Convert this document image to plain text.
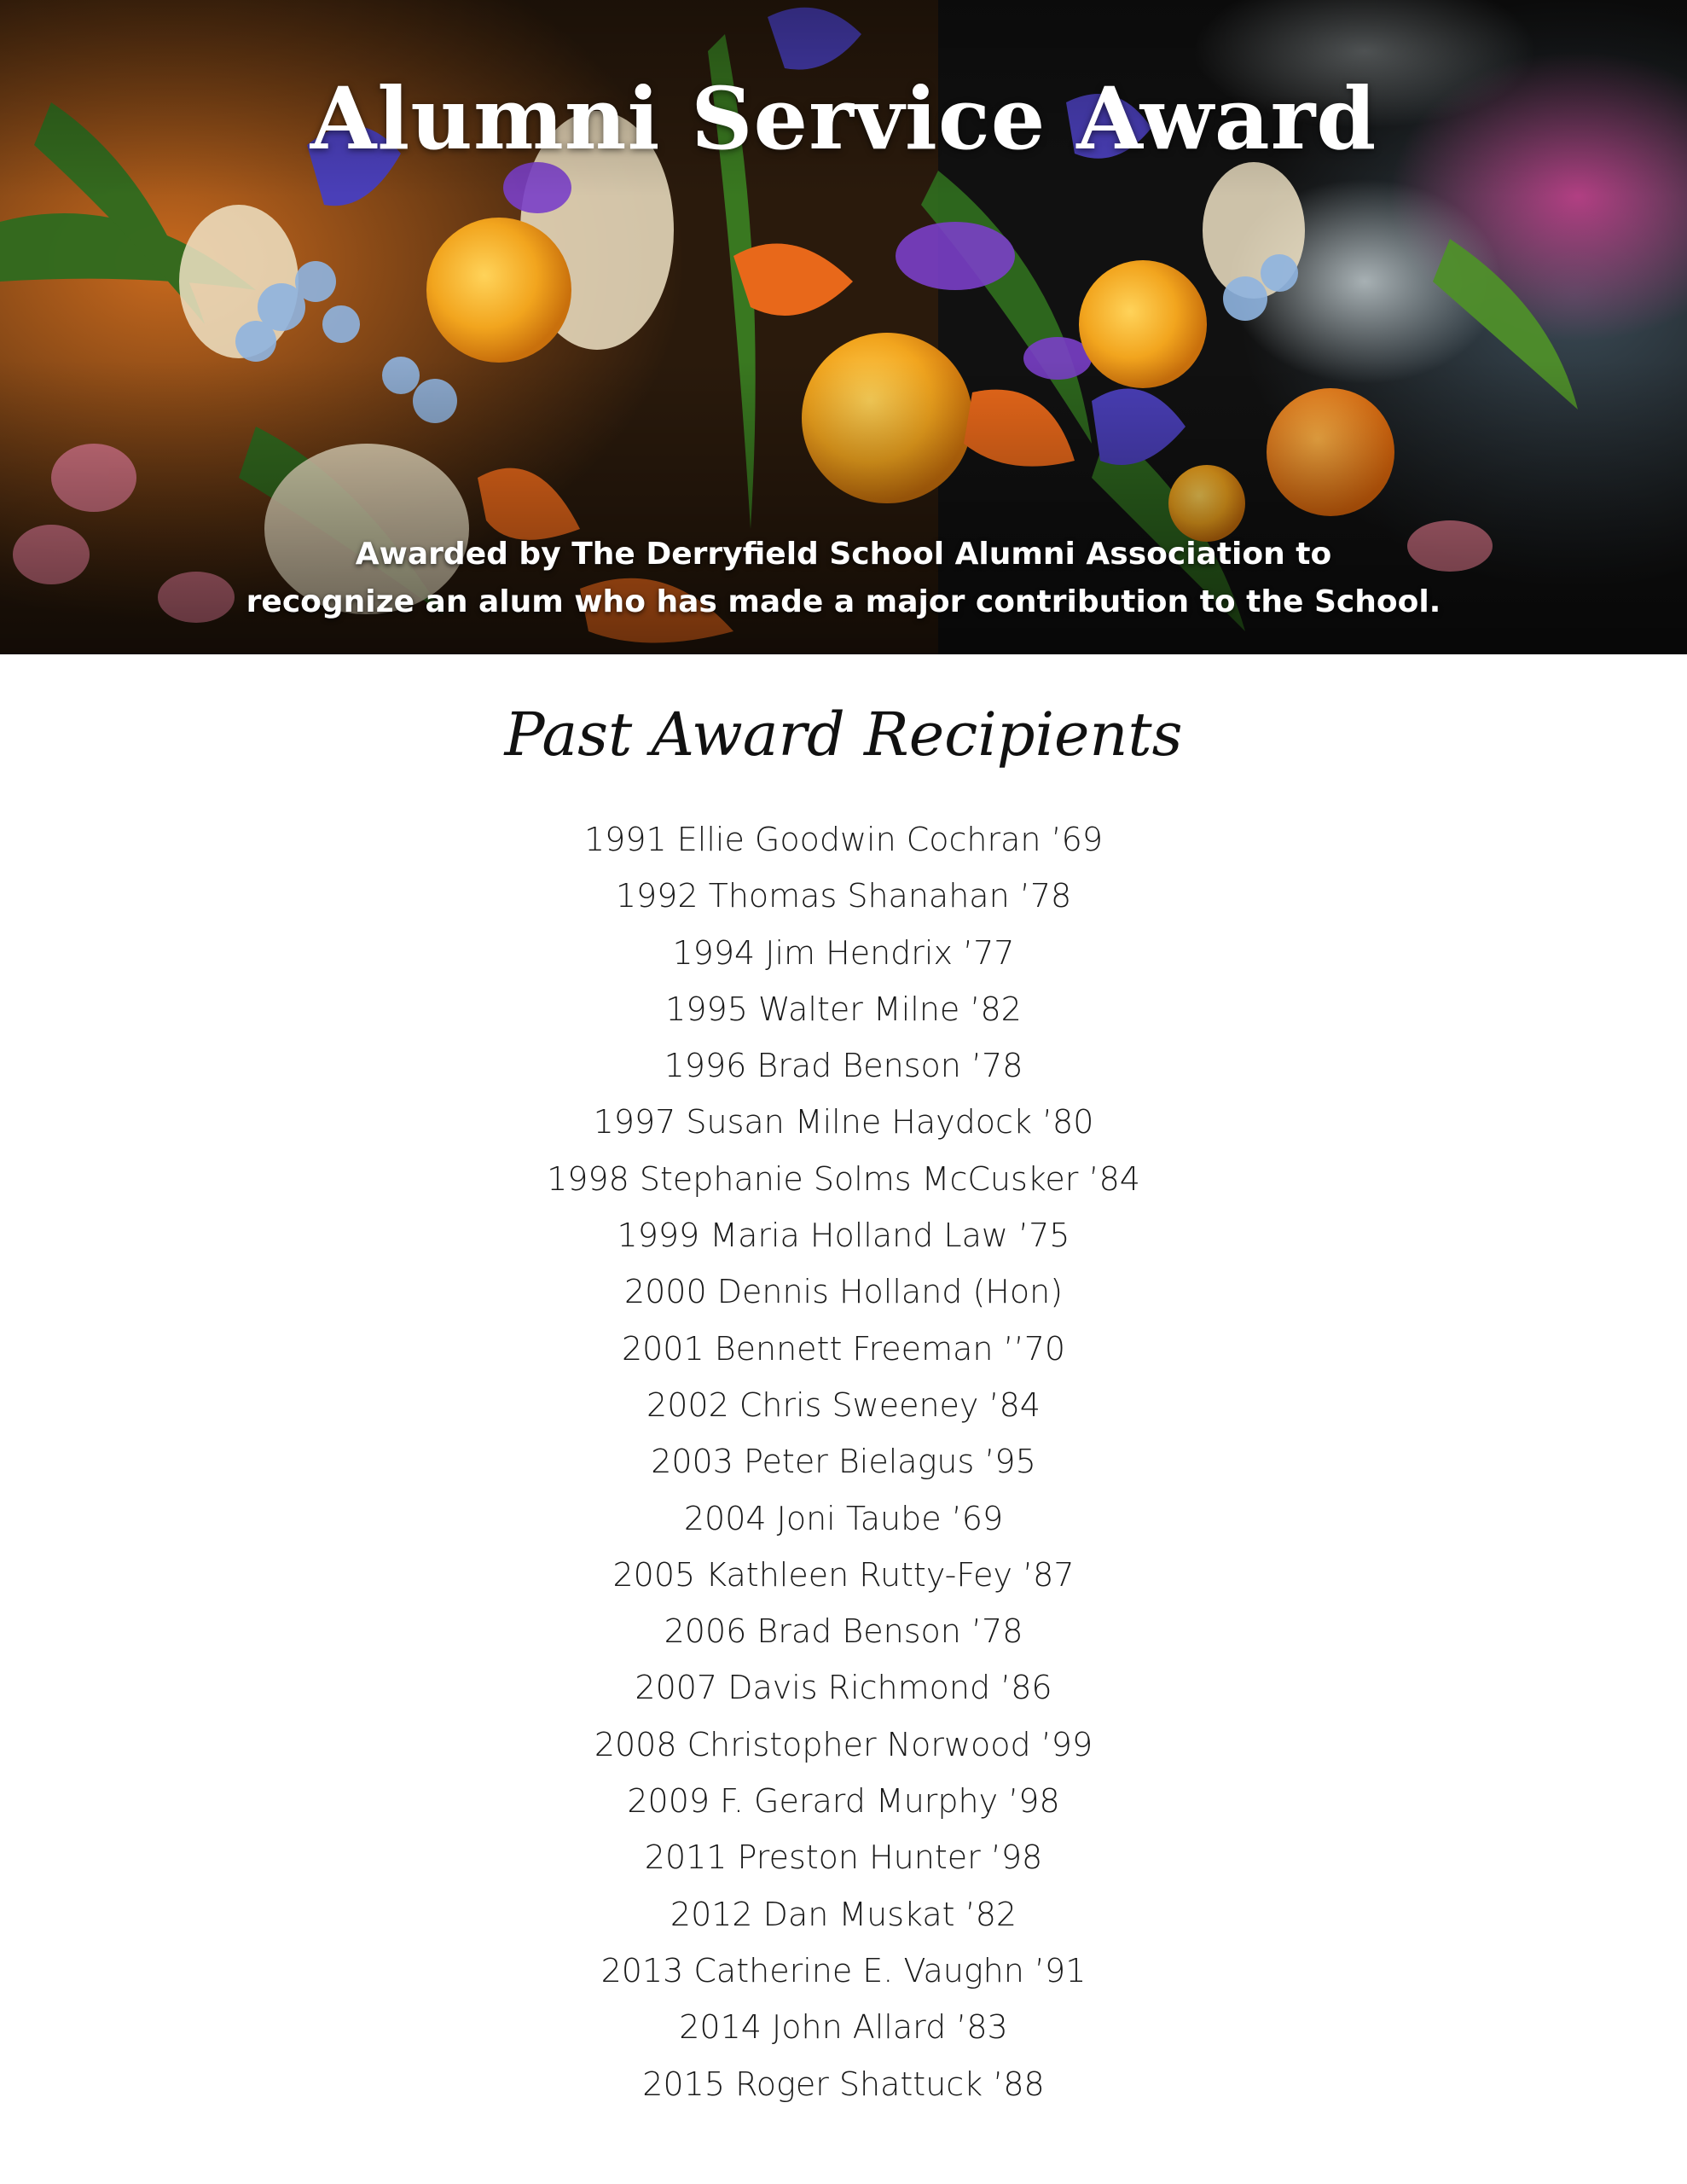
Alumni Service Award
Awarded by The Derryfield School Alumni Association to
recognize an alum who has made a major contribution to the School.
Past Award Recipients
1991 Ellie Goodwin Cochran ’69
1992 Thomas Shanahan ’78
1994 Jim Hendrix ’77
1995 Walter Milne ’82
1996 Brad Benson ’78
1997 Susan Milne Haydock ’80
1998 Stephanie Solms McCusker ’84
1999 Maria Holland Law ’75
2000 Dennis Holland (Hon)
2001 Bennett Freeman ’’70
2002 Chris Sweeney ’84
2003 Peter Bielagus ’95
2004 Joni Taube ’69
2005 Kathleen Rutty-Fey ’87
2006 Brad Benson ’78
2007 Davis Richmond ’86
2008 Christopher Norwood ’99
2009 F. Gerard Murphy ’98
2011 Preston Hunter ’98
2012 Dan Muskat ’82
2013 Catherine E. Vaughn ’91
2014 John Allard ’83
2015 Roger Shattuck ’88
